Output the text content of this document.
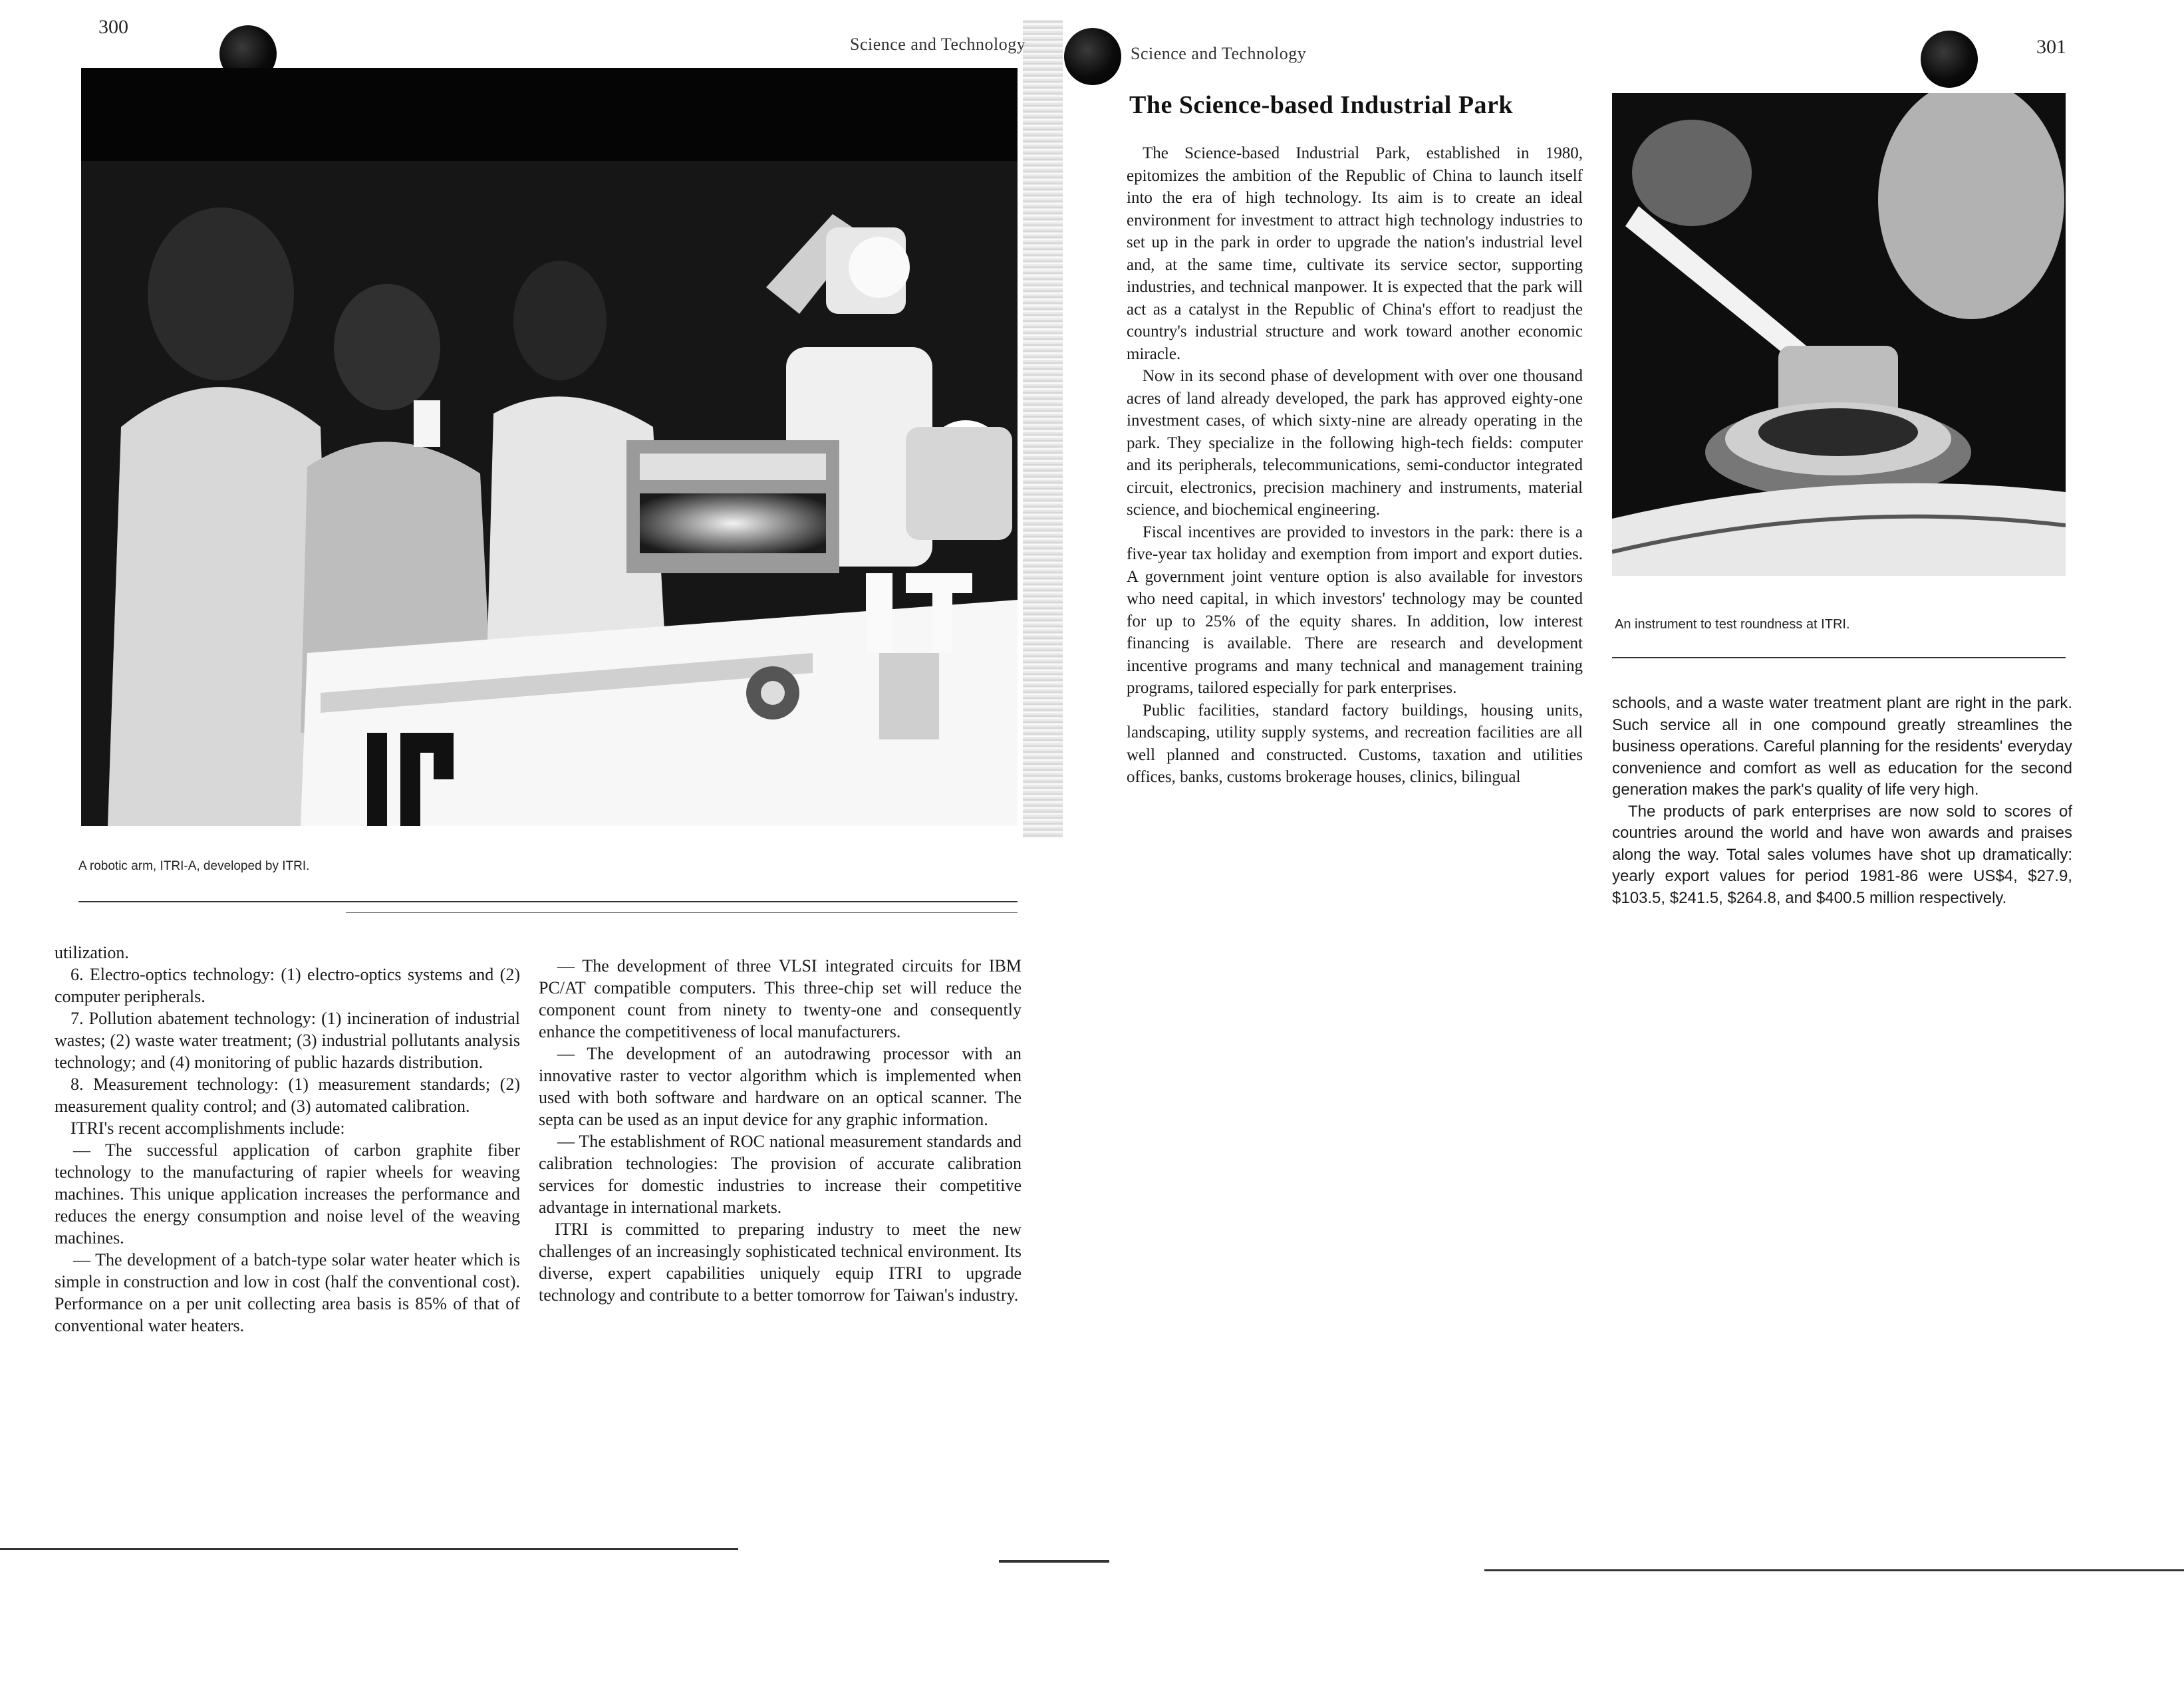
300
Science and Technology
A robotic arm, ITRI-A, developed by ITRI.

utilization.

6. Electro-optics technology: (1) electro-optics systems and (2) computer peripherals.

7. Pollution abatement technology: (1) incineration of industrial wastes; (2) waste water treatment; (3) industrial pollutants analysis technology; and (4) monitoring of public hazards distribution.

8. Measurement technology: (1) measurement standards; (2) measurement quality control; and (3) automated calibration.

ITRI's recent accomplishments include:

— The successful application of carbon graphite fiber technology to the manufacturing of rapier wheels for weaving machines. This unique application increases the performance and reduces the energy consumption and noise level of the weaving machines.

— The development of a batch-type solar water heater which is simple in construction and low in cost (half the conventional cost). Performance on a per unit collecting area basis is 85% of that of conventional water heaters.

— The development of three VLSI integrated circuits for IBM PC/AT compatible computers. This three-chip set will reduce the component count from ninety to twenty-one and consequently enhance the competitiveness of local manufacturers.

— The development of an autodrawing processor with an innovative raster to vector algorithm which is implemented when used with both software and hardware on an optical scanner. The septa can be used as an input device for any graphic information.

— The establishment of ROC national measurement standards and calibration technologies: The provision of accurate calibration services for domestic industries to increase their competitive advantage in international markets.

ITRI is committed to preparing industry to meet the new challenges of an increasingly sophisticated technical environment. Its diverse, expert capabilities uniquely equip ITRI to upgrade technology and contribute to a better tomorrow for Taiwan's industry.

Science and Technology	301
The Science-based Industrial Park

The Science-based Industrial Park, established in 1980, epitomizes the ambition of the Republic of China to launch itself into the era of high technology. Its aim is to create an ideal environment for investment to attract high technology industries to set up in the park in order to upgrade the nation's industrial level and, at the same time, cultivate its service sector, supporting industries, and technical manpower. It is expected that the park will act as a catalyst in the Republic of China's effort to readjust the country's industrial structure and work toward another economic miracle.

Now in its second phase of development with over one thousand acres of land already developed, the park has approved eighty-one investment cases, of which sixty-nine are already operating in the park. They specialize in the following high-tech fields: computer and its peripherals, telecommunications, semi-conductor integrated circuit, electronics, precision machinery and instruments, material science, and biochemical engineering.

Fiscal incentives are provided to investors in the park: there is a five-year tax holiday and exemption from import and export duties. A government joint venture option is also available for investors who need capital, in which investors' technology may be counted for up to 25% of the equity shares. In addition, low interest financing is available. There are research and development incentive programs and many technical and management training programs, tailored especially for park enterprises.

Public facilities, standard factory buildings, housing units, landscaping, utility supply systems, and recreation facilities are all well planned and constructed. Customs, taxation and utilities offices, banks, customs brokerage houses, clinics, bilingual

An instrument to test roundness at ITRI.

schools, and a waste water treatment plant are right in the park. Such service all in one compound greatly streamlines the business operations. Careful planning for the residents' everyday convenience and comfort as well as education for the second generation makes the park's quality of life very high.

The products of park enterprises are now sold to scores of countries around the world and have won awards and praises along the way. Total sales volumes have shot up dramatically: yearly export values for period 1981-86 were US$4, $27.9, $103.5, $241.5, $264.8, and $400.5 million respectively.
